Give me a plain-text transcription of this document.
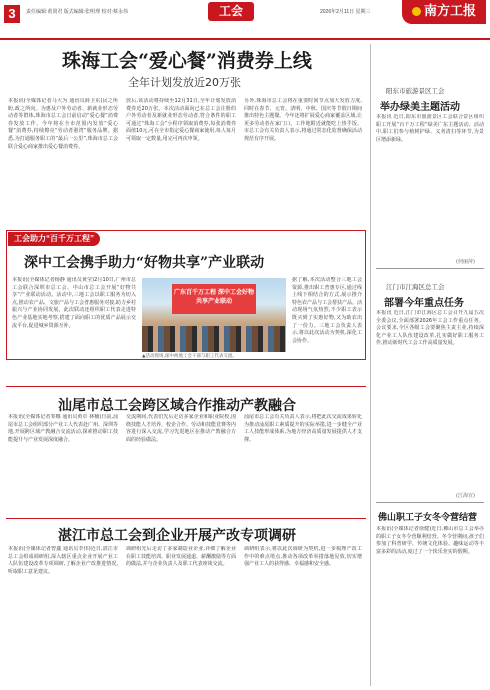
3	责任编辑:黄贤君 版式编辑:张明理 校对:蔡永伟	工会	2026年2月11日 星期三	南方工报
珠海工会“爱心餐”消费券上线
全年计划发放近20万张
本报讯(全媒体记者马大为 通讯员薛卫东)民之所盼,政之所向。为惠及户外劳动者、新就业形态劳动者等群体,珠海市总工会日前启动“爱心餐”消费券发放工作。今年将在全市范围内发放“爱心餐”消费券,持续擦亮“劳动者港湾”服务品牌。据悉,为打通服务职工的“最后一公里”,珠海市总工会联合爱心商家推出爱心餐消费券。
放后,该活动将持续至12月31日,全年计划发放消费券近20万张。本次活动面向已在总工会注册的户外劳动者及新就业形态劳动者,符合条件的职工可通过“珠海工会”小程序领取消费券,每张消费券面值10元,可在全市指定爱心餐商家使用,每人每月可领取一定数量,用完可再次申领。
另外,珠海市总工会将在重要时间节点加大发放力度,同时在春节、元宵、清明、中秋、国庆等节假日期间推出特色主题餐。今年还将扩展爱心商家覆盖区域,让更多劳动者在家门口、工作地附近就能吃上热乎饭。市总工会有关负责人表示,将通过常态化监督确保活动规范有序开展。
工会助力“百千万工程”
深中工会携手助力“好物共享”产业联动
本报讯(全媒体记者杨静 通讯员黄莹)2月10日,广州市总工会联合深圳市总工会、中山市总工会开展“好物共享”产业联动活动。活动中,三地工会以职工服务为切入点,推动农产品、文旅产品与工会普惠服务对接,助力乡村振兴与产业协同发展。此次联动还组织职工代表走进特色产业基地实地考察,搭建了面向职工的优质产品展示交流平台,促进城乡资源互补。
广东百千万工程 深中工会好物共享产业联动
▲活动现场,深中两地工会干部与职工代表交流。
据了解,本次活动整合三地工会资源,推出职工普惠专区,通过线上线下相结合的方式,展示推介特色农产品与工会帮扶产品。活动现场气氛热烈,不少职工表示既买到了实惠好物,又为助农出了一份力。三地工会负责人表示,将以此次活动为契机,深化工会协作。
汕尾市总工会跨区域合作推动产教融合
本报讯(全媒体记者邹娜 通讯员黄卓 林楠)日前,汕尾市总工会组织部分产业工人代表赴广州、深圳等地,开展跨区域产教融合交流活动,探索推动职工技能提升与产业发展深度融合。
交流期间,代表们先后走访多家企业和职业院校,围绕技能人才培养、校企合作、劳动和技能竞赛等内容进行深入交流,学习先进地区在推动产教融合方面的经验做法。
汕尾市总工会有关负责人表示,将把此次交流成果转化为推动汕尾职工素质提升的实际举措,进一步健全产业工人技能形成体系,为地方经济高质量发展提供人才支撑。
湛江市总工会到企业开展产改专项调研
本报讯(全媒体记者曾鑫 通讯员李伟)近日,湛江市总工会组成调研组,深入辖区重点企业开展产业工人队伍建设改革专项调研,了解企业产改推进情况,听取职工意见建议。
调研组先后走访了多家制造业企业,详细了解企业在职工技能培训、职业发展通道、薪酬激励等方面的做法,并与企业负责人及职工代表座谈交流。
调研组表示,将以此次调研为契机,进一步梳理产改工作中的难点堵点,推动各项改革举措落地见效,切实增强产业工人的获得感、幸福感和安全感。
阳东市旅游景区工会
举办绿美主题活动
本报讯 近日,阳东市旅游景区工会联合景区组织职工开展“百千万工程”绿美广东主题活动。活动中,职工们参与植树护绿、义务清扫等环节,为景区增添新绿。
(何丽萍)
江门市江海区总工会
部署今年重点任务
本报讯 近日,江门市江海区总工会召开九届五次全委会议,全面部署2026年工会工作重点任务。会议要求,全区各级工会要聚焦主责主业,持续深化产业工人队伍建设改革,扎实做好职工服务工作,推动新时代工会工作高质量发展。
(江海宣)
佛山职工子女冬令营结营
本报讯(全媒体记者徐健)近日,佛山市总工会举办的职工子女冬令营顺利结营。冬令营期间,孩子们参加了科普研学、传统文化体验、趣味运动等丰富多彩的活动,度过了一个快乐充实的假期。
